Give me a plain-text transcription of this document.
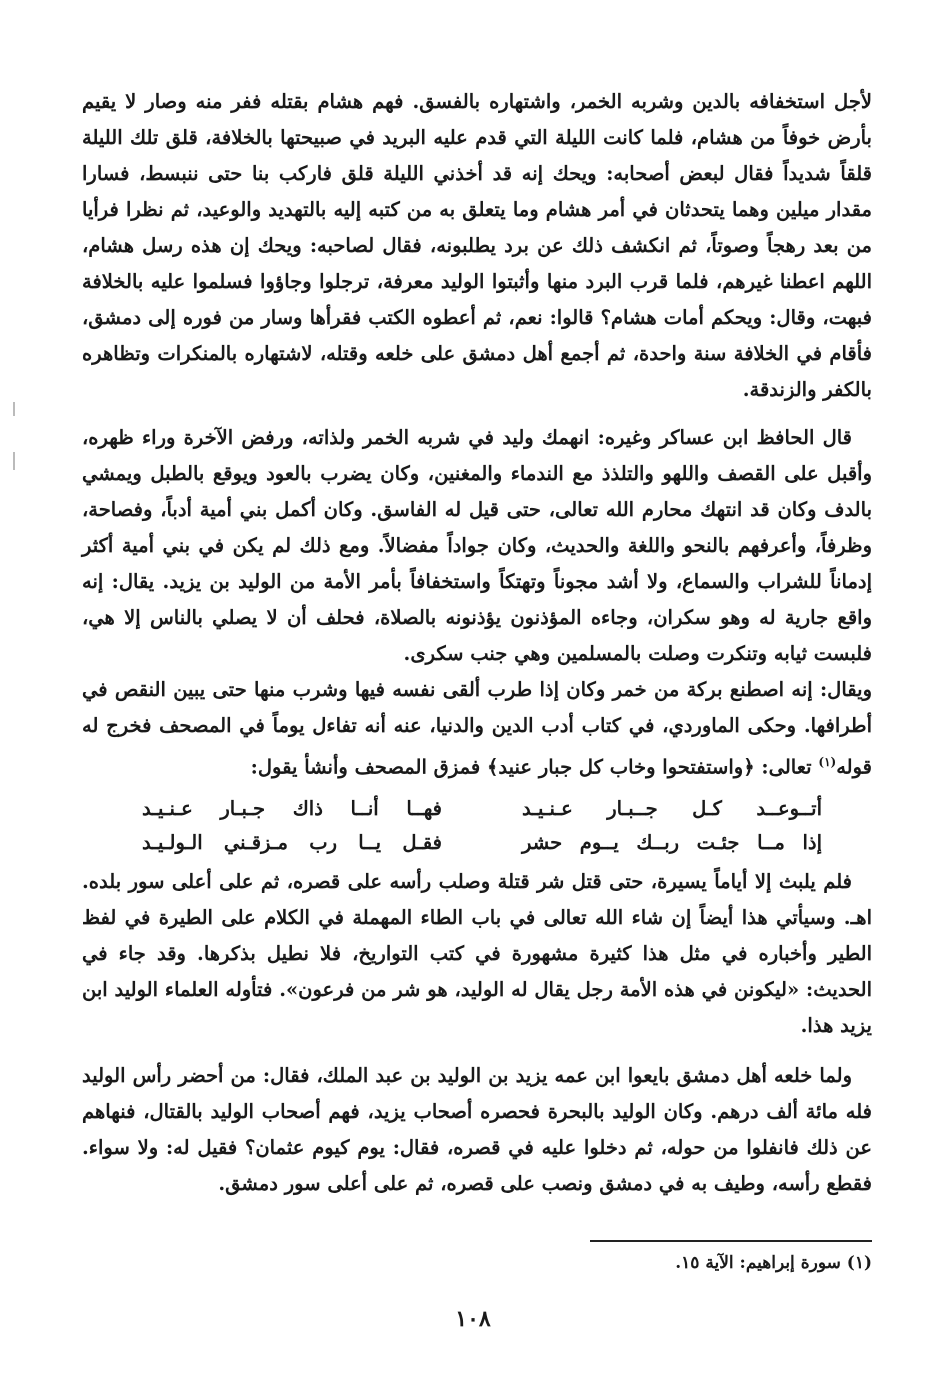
لأجل استخفافه بالدين وشربه الخمر، واشتهاره بالفسق. فهم هشام بقتله ففر منه وصار لا يقيم بأرض خوفاً من هشام، فلما كانت الليلة التي قدم عليه البريد في صبيحتها بالخلافة، قلق تلك الليلة قلقاً شديداً فقال لبعض أصحابه: ويحك إنه قد أخذني الليلة قلق فاركب بنا حتى ننبسط، فسارا مقدار ميلين وهما يتحدثان في أمر هشام وما يتعلق به من كتبه إليه بالتهديد والوعيد، ثم نظرا فرأيا من بعد رهجاً وصوتاً، ثم انكشف ذلك عن برد يطلبونه، فقال لصاحبه: ويحك إن هذه رسل هشام، اللهم اعطنا غيرهم، فلما قرب البرد منها وأثبتوا الوليد معرفة، ترجلوا وجاؤوا فسلموا عليه بالخلافة فبهت، وقال: ويحكم أمات هشام؟ قالوا: نعم، ثم أعطوه الكتب فقرأها وسار من فوره إلى دمشق، فأقام في الخلافة سنة واحدة، ثم أجمع أهل دمشق على خلعه وقتله، لاشتهاره بالمنكرات وتظاهره بالكفر والزندقة.

قال الحافظ ابن عساكر وغيره: انهمك وليد في شربه الخمر ولذاته، ورفض الآخرة وراء ظهره، وأقبل على القصف واللهو والتلذذ مع الندماء والمغنين، وكان يضرب بالعود ويوقع بالطبل ويمشي بالدف وكان قد انتهك محارم الله تعالى، حتى قيل له الفاسق. وكان أكمل بني أمية أدباً، وفصاحة، وظرفاً، وأعرفهم بالنحو واللغة والحديث، وكان جواداً مفضالاً. ومع ذلك لم يكن في بني أمية أكثر إدماناً للشراب والسماع، ولا أشد مجوناً وتهتكاً واستخفافاً بأمر الأمة من الوليد بن يزيد. يقال: إنه واقع جارية له وهو سكران، وجاءه المؤذنون يؤذنونه بالصلاة، فحلف أن لا يصلي بالناس إلا هي، فلبست ثيابه وتنكرت وصلت بالمسلمين وهي جنب سكرى.

ويقال: إنه اصطنع بركة من خمر وكان إذا طرب ألقى نفسه فيها وشرب منها حتى يبين النقص في أطرافها. وحكى الماوردي، في كتاب أدب الدين والدنيا، عنه أنه تفاءل يوماً في المصحف فخرج له قوله$^{(١)}$ تعالى: ﴿واستفتحوا وخاب كل جبار عنيد﴾ فمزق المصحف وأنشأ يقول:

أتــوعــد كـل جــبـار عـنـيـد
فهــا أنــا ذاك جـبـار عـنـيـد
إذا مــا جئـت ربــك يــوم حشر
فقـل يــا رب مـزقـني الـولـيـد

فلم يلبث إلا أياماً يسيرة، حتى قتل شر قتلة وصلب رأسه على قصره، ثم على أعلى سور بلده. اهـ. وسيأتي هذا أيضاً إن شاء الله تعالى في باب الطاء المهملة في الكلام على الطيرة في لفظ الطير وأخباره في مثل هذا كثيرة مشهورة في كتب التواريخ، فلا نطيل بذكرها. وقد جاء في الحديث: «ليكونن في هذه الأمة رجل يقال له الوليد، هو شر من فرعون». فتأوله العلماء الوليد ابن يزيد هذا.

ولما خلعه أهل دمشق بايعوا ابن عمه يزيد بن الوليد بن عبد الملك، فقال: من أحضر رأس الوليد فله مائة ألف درهم. وكان الوليد بالبحرة فحصره أصحاب يزيد، فهم أصحاب الوليد بالقتال، فنهاهم عن ذلك فانفلوا من حوله، ثم دخلوا عليه في قصره، فقال: يوم كيوم عثمان؟ فقيل له: ولا سواء. فقطع رأسه، وطيف به في دمشق ونصب على قصره، ثم على أعلى سور دمشق.

(١) سورة إبراهيم: الآية ١٥.
١٠٨
